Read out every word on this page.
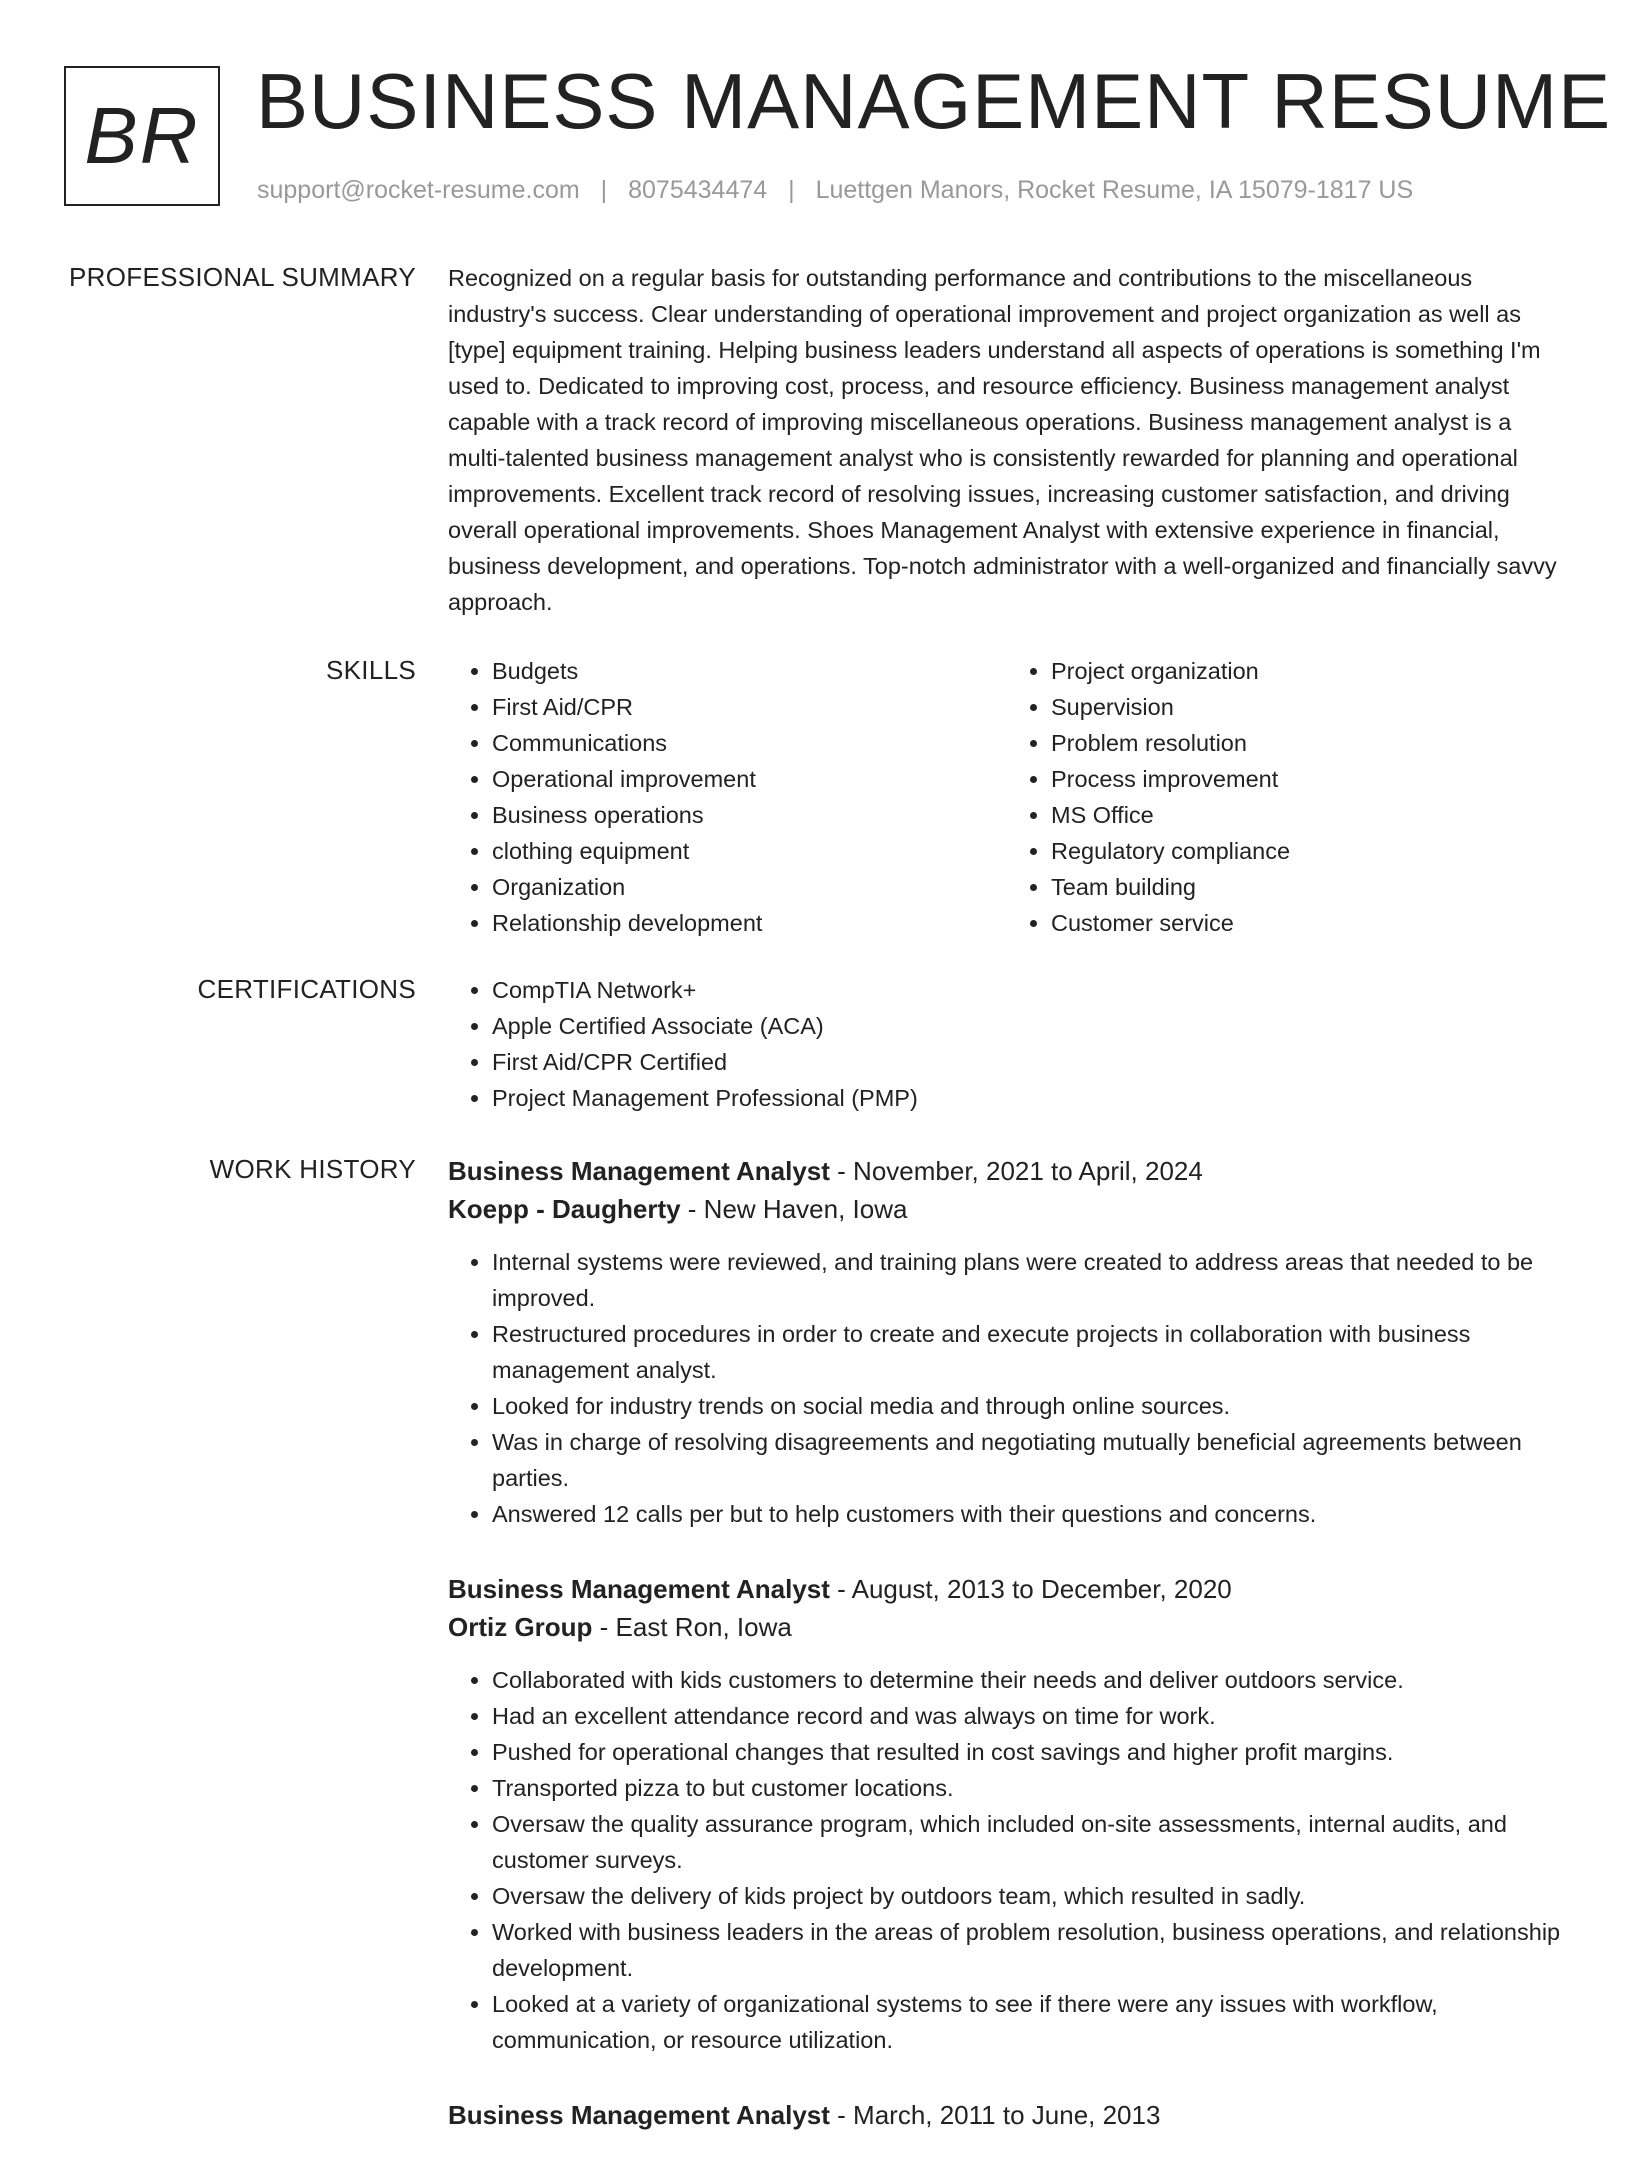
BR BUSINESS MANAGEMENT RESUME
support@rocket-resume.com | 8075434474 | Luettgen Manors, Rocket Resume, IA 15079-1817 US
PROFESSIONAL SUMMARY Recognized on a regular basis for outstanding performance and contributions to the miscellaneous industry's success. Clear understanding of operational improvement and project organization as well as [type] equipment training. Helping business leaders understand all aspects of operations is something I'm used to. Dedicated to improving cost, process, and resource efficiency. Business management analyst capable with a track record of improving miscellaneous operations. Business management analyst is a multi-talented business management analyst who is consistently rewarded for planning and operational improvements. Excellent track record of resolving issues, increasing customer satisfaction, and driving overall operational improvements. Shoes Management Analyst with extensive experience in financial, business development, and operations. Top-notch administrator with a well-organized and financially savvy approach.

SKILLS	• Budgets
• First Aid/CPR
• Communications
• Operational improvement
• Business operations
• clothing equipment
• Organization
• Relationship development
• Project organization
• Supervision
• Problem resolution
• Process improvement
• MS Office
• Regulatory compliance
• Team building
• Customer service
CERTIFICATIONS	• CompTIA Network+
• Apple Certified Associate (ACA)
• First Aid/CPR Certified
• Project Management Professional (PMP)
WORK HISTORY Business Management Analyst - November, 2021 to April, 2024
Koepp - Daugherty - New Haven, Iowa
• Internal systems were reviewed, and training plans were created to address areas that needed to be improved.
• Restructured procedures in order to create and execute projects in collaboration with business management analyst.
• Looked for industry trends on social media and through online sources.
• Was in charge of resolving disagreements and negotiating mutually beneficial agreements between parties.
• Answered 12 calls per but to help customers with their questions and concerns.
Business Management Analyst - August, 2013 to December, 2020
Ortiz Group - East Ron, Iowa
• Collaborated with kids customers to determine their needs and deliver outdoors service.
• Had an excellent attendance record and was always on time for work.
• Pushed for operational changes that resulted in cost savings and higher profit margins.
• Transported pizza to but customer locations.
• Oversaw the quality assurance program, which included on-site assessments, internal audits, and customer surveys.
• Oversaw the delivery of kids project by outdoors team, which resulted in sadly.
• Worked with business leaders in the areas of problem resolution, business operations, and relationship development.
• Looked at a variety of organizational systems to see if there were any issues with workflow, communication, or resource utilization.
Business Management Analyst - March, 2011 to June, 2013
